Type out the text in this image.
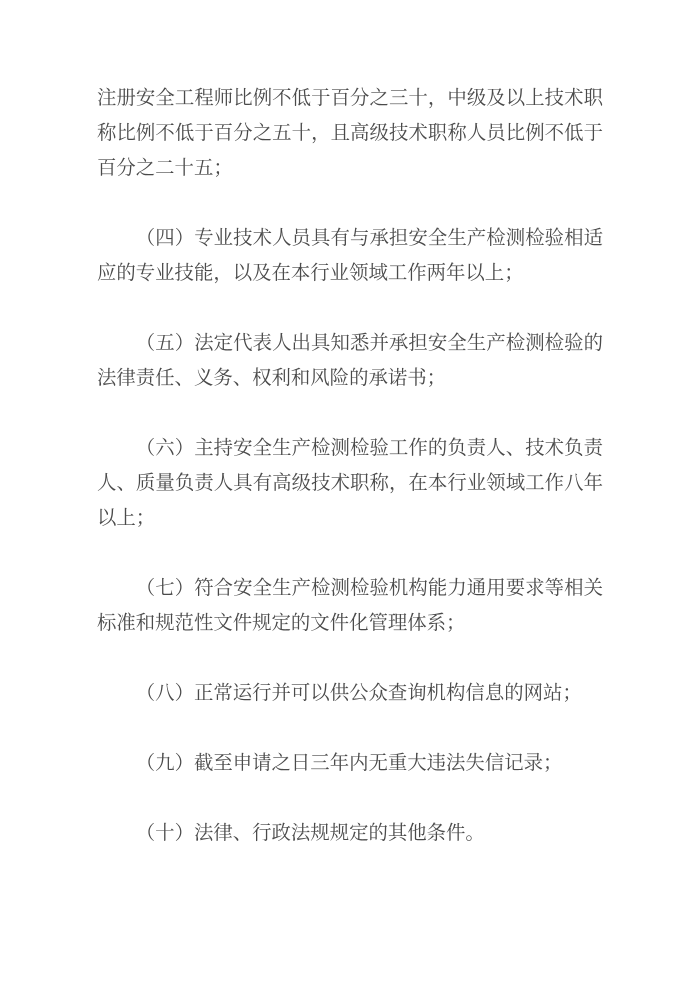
注册安全工程师比例不低于百分之三十，中级及以上技术职称比例不低于百分之五十，且高级技术职称人员比例不低于百分之二十五；

（四）专业技术人员具有与承担安全生产检测检验相适应的专业技能，以及在本行业领域工作两年以上；

（五）法定代表人出具知悉并承担安全生产检测检验的法律责任、义务、权利和风险的承诺书；

（六）主持安全生产检测检验工作的负责人、技术负责人、质量负责人具有高级技术职称，在本行业领域工作八年以上；

（七）符合安全生产检测检验机构能力通用要求等相关标准和规范性文件规定的文件化管理体系；

（八）正常运行并可以供公众查询机构信息的网站；

（九）截至申请之日三年内无重大违法失信记录；

（十）法律、行政法规规定的其他条件。
